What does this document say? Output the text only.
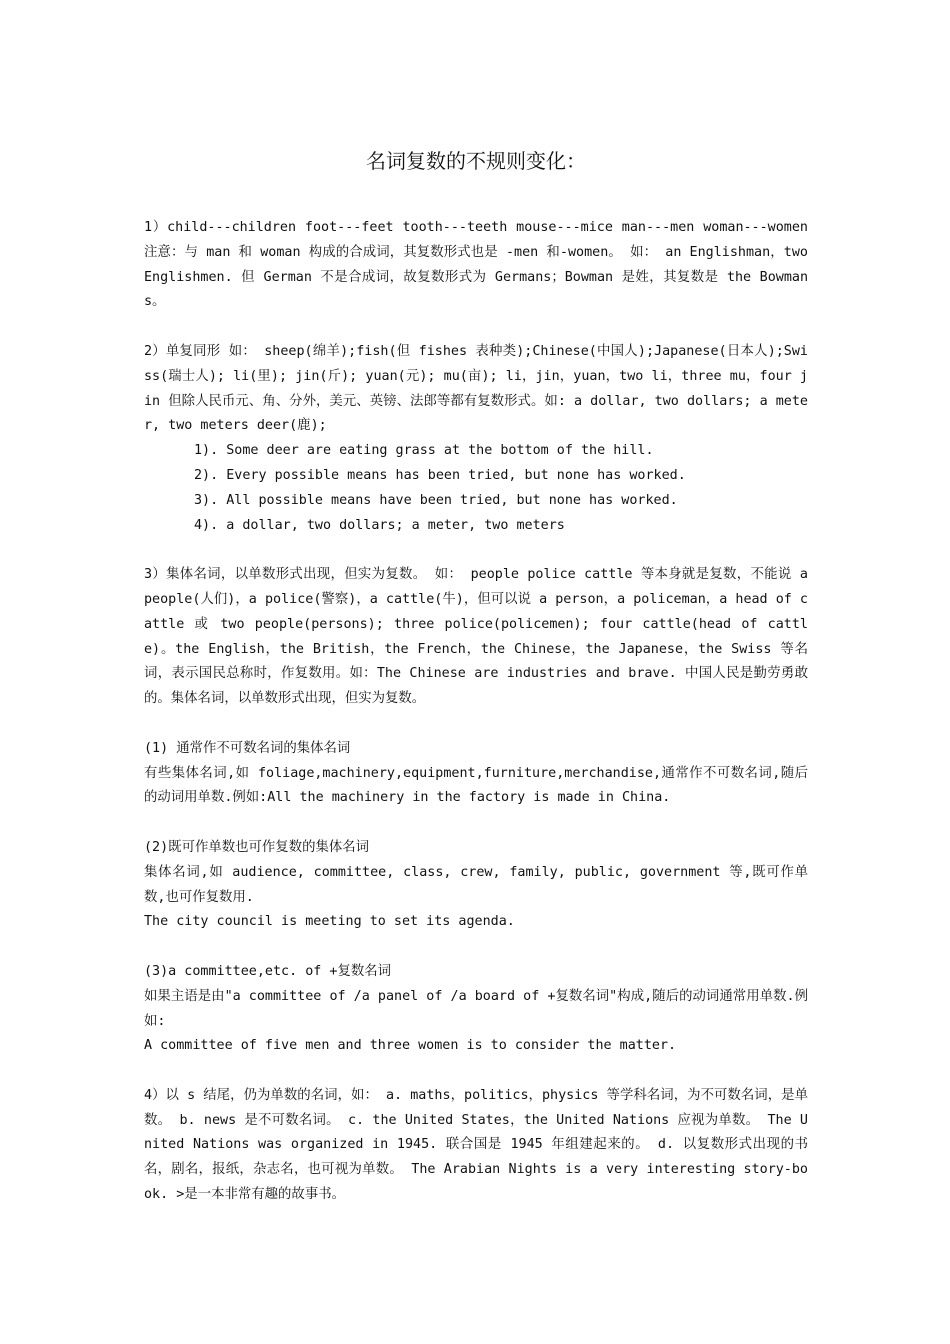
名词复数的不规则变化：

1）child---children foot---feet tooth---teeth mouse---mice man---men woman---women 注意：与 man 和 woman 构成的合成词，其复数形式也是 -men 和-women。 如： an Englishman，two Englishmen. 但 German 不是合成词，故复数形式为 Germans；Bowman 是姓，其复数是 the Bowmans。

2）单复同形 如： sheep(绵羊);fish(但 fishes 表种类);Chinese(中国人);Japanese(日本人);Swiss(瑞士人); li(里); jin(斤); yuan(元); mu(亩); li，jin，yuan，two li，three mu，four jin 但除人民币元、角、分外，美元、英镑、法郎等都有复数形式。如: a dollar, two dollars; a meter, two meters deer(鹿);

1). Some deer are eating grass at the bottom of the hill.

2). Every possible means has been tried, but none has worked.

3). All possible means have been tried, but none has worked.

4). a dollar, two dollars; a meter, two meters

3）集体名词，以单数形式出现，但实为复数。 如： people police cattle 等本身就是复数，不能说 a people(人们)，a police(警察)，a cattle(牛)，但可以说 a person，a policeman，a head of cattle 或 two people(persons); three police(policemen); four cattle(head of cattle)。the English，the British，the French，the Chinese，the Japanese，the Swiss 等名词，表示国民总称时，作复数用。如：The Chinese are industries and brave. 中国人民是勤劳勇敢的。集体名词，以单数形式出现，但实为复数。

(1) 通常作不可数名词的集体名词

有些集体名词,如 foliage,machinery,equipment,furniture,merchandise,通常作不可数名词,随后的动词用单数.例如:All the machinery in the factory is made in China.

(2)既可作单数也可作复数的集体名词

集体名词,如 audience, committee, class, crew, family, public, government 等,既可作单数,也可作复数用.

The city council is meeting to set its agenda.

(3)a committee,etc. of +复数名词

如果主语是由"a committee of /a panel of /a board of +复数名词"构成,随后的动词通常用单数.例如:

A committee of five men and three women is to consider the matter.

4）以 s 结尾，仍为单数的名词，如： a. maths，politics，physics 等学科名词，为不可数名词，是单数。 b. news 是不可数名词。 c. the United States，the United Nations 应视为单数。 The United Nations was organized in 1945. 联合国是 1945 年组建起来的。 d. 以复数形式出现的书名，剧名，报纸，杂志名，也可视为单数。 The Arabian Nights is a very interesting story-book. >是一本非常有趣的故事书。
